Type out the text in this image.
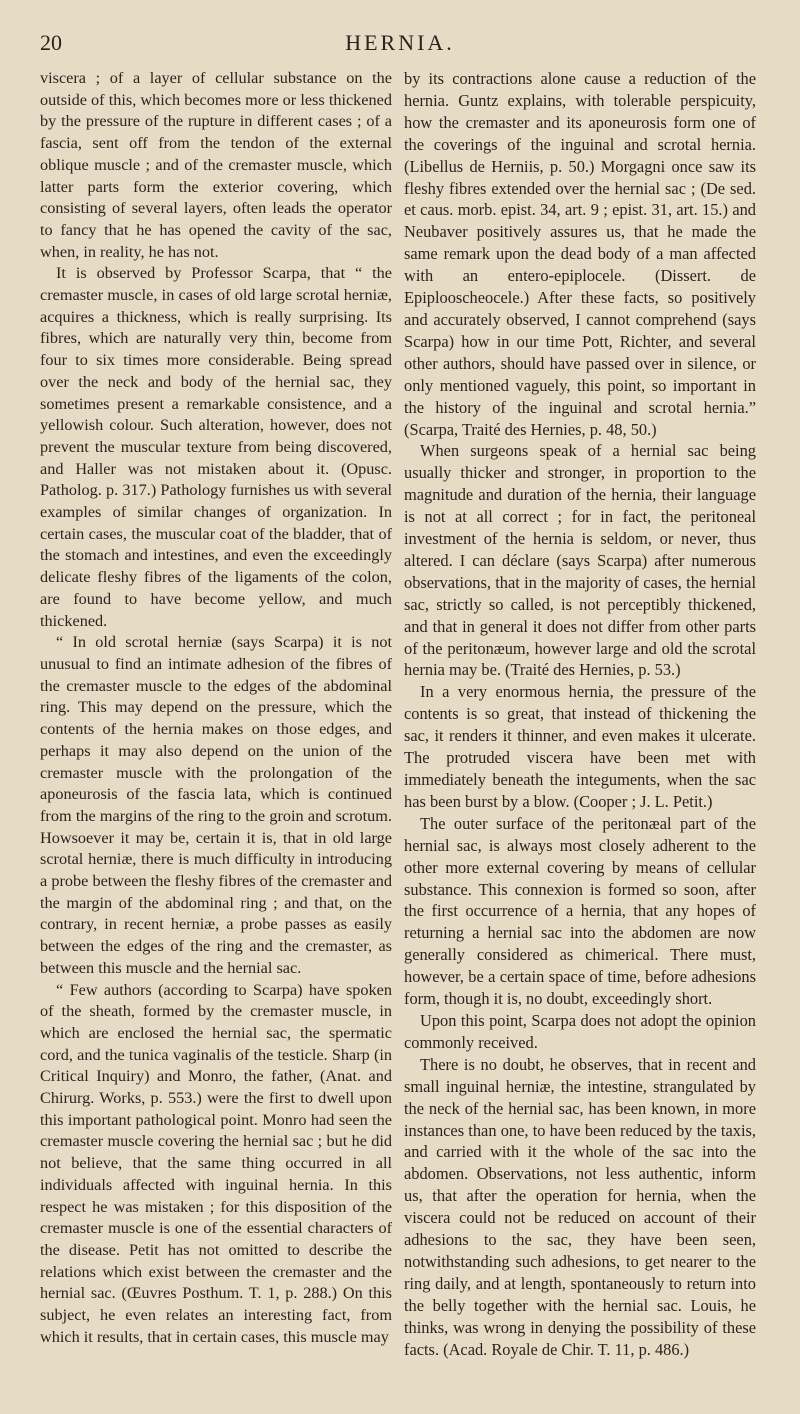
20	HERNIA.

viscera ; of a layer of cellular substance on the outside of this, which becomes more or less thickened by the pressure of the rupture in different cases ; of a fascia, sent off from the tendon of the external oblique muscle ; and of the cremaster muscle, which latter parts form the exterior covering, which consisting of several layers, often leads the operator to fancy that he has opened the cavity of the sac, when, in reality, he has not.

It is observed by Professor Scarpa, that “ the cremaster muscle, in cases of old large scrotal herniæ, acquires a thickness, which is really surprising. Its fibres, which are naturally very thin, become from four to six times more considerable. Being spread over the neck and body of the hernial sac, they sometimes present a remarkable consistence, and a yellowish colour. Such alteration, however, does not prevent the muscular texture from being discovered, and Haller was not mistaken about it. (Opusc. Patholog. p. 317.) Pathology furnishes us with several examples of similar changes of organization. In certain cases, the muscular coat of the bladder, that of the stomach and intestines, and even the exceedingly delicate fleshy fibres of the ligaments of the colon, are found to have become yellow, and much thickened.

“ In old scrotal herniæ (says Scarpa) it is not unusual to find an intimate adhesion of the fibres of the cremaster muscle to the edges of the abdominal ring. This may depend on the pressure, which the contents of the hernia makes on those edges, and perhaps it may also depend on the union of the cremaster muscle with the prolongation of the aponeurosis of the fascia lata, which is continued from the margins of the ring to the groin and scrotum. Howsoever it may be, certain it is, that in old large scrotal herniæ, there is much difficulty in introducing a probe between the fleshy fibres of the cremaster and the margin of the abdominal ring ; and that, on the contrary, in recent herniæ, a probe passes as easily between the edges of the ring and the cremaster, as between this muscle and the hernial sac.

“ Few authors (according to Scarpa) have spoken of the sheath, formed by the cremaster muscle, in which are enclosed the hernial sac, the spermatic cord, and the tunica vaginalis of the testicle. Sharp (in Critical Inquiry) and Monro, the father, (Anat. and Chirurg. Works, p. 553.) were the first to dwell upon this important pathological point. Monro had seen the cremaster muscle covering the hernial sac ; but he did not believe, that the same thing occurred in all individuals affected with inguinal hernia. In this respect he was mistaken ; for this disposition of the cremaster muscle is one of the essential characters of the disease. Petit has not omitted to describe the relations which exist between the cremaster and the hernial sac. (Œuvres Posthum. T. 1, p. 288.) On this subject, he even relates an interesting fact, from which it results, that in certain cases, this muscle may

by its contractions alone cause a reduction of the hernia. Guntz explains, with tolerable perspicuity, how the cremaster and its aponeurosis form one of the coverings of the inguinal and scrotal hernia. (Libellus de Herniis, p. 50.) Morgagni once saw its fleshy fibres extended over the hernial sac ; (De sed. et caus. morb. epist. 34, art. 9 ; epist. 31, art. 15.) and Neubaver positively assures us, that he made the same remark upon the dead body of a man affected with an entero-epiplocele. (Dissert. de Epiplooscheocele.) After these facts, so positively and accurately observed, I cannot comprehend (says Scarpa) how in our time Pott, Richter, and several other authors, should have passed over in silence, or only mentioned vaguely, this point, so important in the history of the inguinal and scrotal hernia.” (Scarpa, Traité des Hernies, p. 48, 50.)

When surgeons speak of a hernial sac being usually thicker and stronger, in proportion to the magnitude and duration of the hernia, their language is not at all correct ; for in fact, the peritoneal investment of the hernia is seldom, or never, thus altered. I can déclare (says Scarpa) after numerous observations, that in the majority of cases, the hernial sac, strictly so called, is not perceptibly thickened, and that in general it does not differ from other parts of the peritonæum, however large and old the scrotal hernia may be. (Traité des Hernies, p. 53.)

In a very enormous hernia, the pressure of the contents is so great, that instead of thickening the sac, it renders it thinner, and even makes it ulcerate. The protruded viscera have been met with immediately beneath the integuments, when the sac has been burst by a blow. (Cooper ; J. L. Petit.)

The outer surface of the peritonæal part of the hernial sac, is always most closely adherent to the other more external covering by means of cellular substance. This connexion is formed so soon, after the first occurrence of a hernia, that any hopes of returning a hernial sac into the abdomen are now generally considered as chimerical. There must, however, be a certain space of time, before adhesions form, though it is, no doubt, exceedingly short.

Upon this point, Scarpa does not adopt the opinion commonly received.

There is no doubt, he observes, that in recent and small inguinal herniæ, the intestine, strangulated by the neck of the hernial sac, has been known, in more instances than one, to have been reduced by the taxis, and carried with it the whole of the sac into the abdomen. Observations, not less authentic, inform us, that after the operation for hernia, when the viscera could not be reduced on account of their adhesions to the sac, they have been seen, notwithstanding such adhesions, to get nearer to the ring daily, and at length, spontaneously to return into the belly together with the hernial sac. Louis, he thinks, was wrong in denying the possibility of these facts. (Acad. Royale de Chir. T. 11, p. 486.)
